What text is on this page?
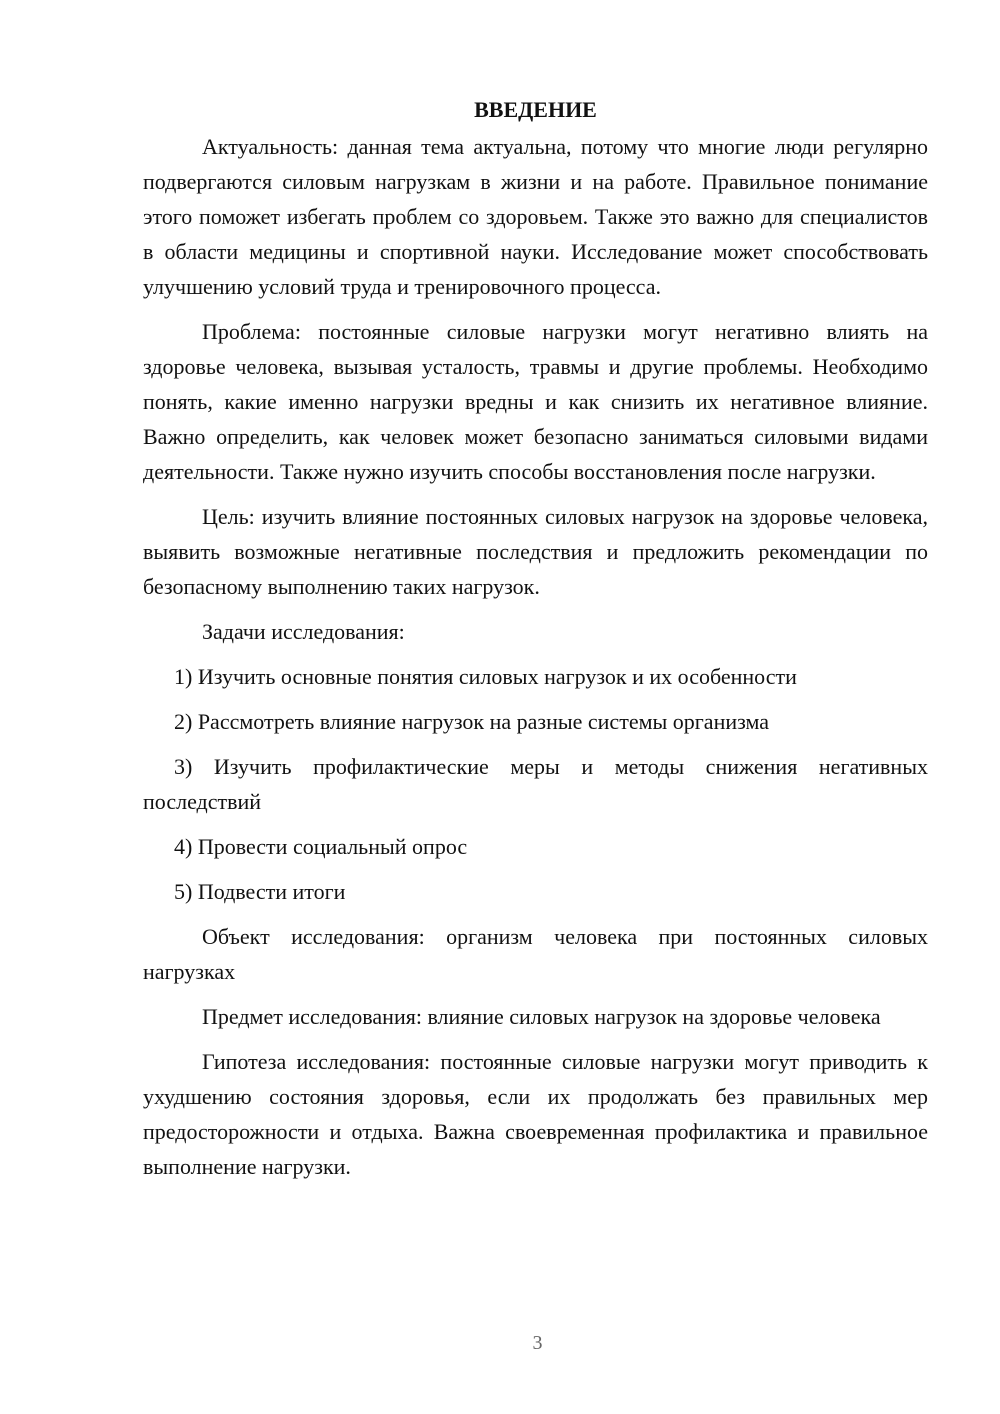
ВВЕДЕНИЕ

Актуальность: данная тема актуальна, потому что многие люди регулярно подвергаются силовым нагрузкам в жизни и на работе. Правильное понимание этого поможет избегать проблем со здоровьем. Также это важно для специалистов в области медицины и спортивной науки. Исследование может способствовать улучшению условий труда и тренировочного процесса.

Проблема: постоянные силовые нагрузки могут негативно влиять на здоровье человека, вызывая усталость, травмы и другие проблемы. Необходимо понять, какие именно нагрузки вредны и как снизить их негативное влияние. Важно определить, как человек может безопасно заниматься силовыми видами деятельности. Также нужно изучить способы восстановления после нагрузки.

Цель: изучить влияние постоянных силовых нагрузок на здоровье человека, выявить возможные негативные последствия и предложить рекомендации по безопасному выполнению таких нагрузок.

Задачи исследования:

1) Изучить основные понятия силовых нагрузок и их особенности

2) Рассмотреть влияние нагрузок на разные системы организма

3) Изучить профилактические меры и методы снижения негативных последствий

4) Провести социальный опрос

5) Подвести итоги

Объект исследования: организм человека при постоянных силовых нагрузках

Предмет исследования: влияние силовых нагрузок на здоровье человека

Гипотеза исследования: постоянные силовые нагрузки могут приводить к ухудшению состояния здоровья, если их продолжать без правильных мер предосторожности и отдыха. Важна своевременная профилактика и правильное выполнение нагрузки.

3
